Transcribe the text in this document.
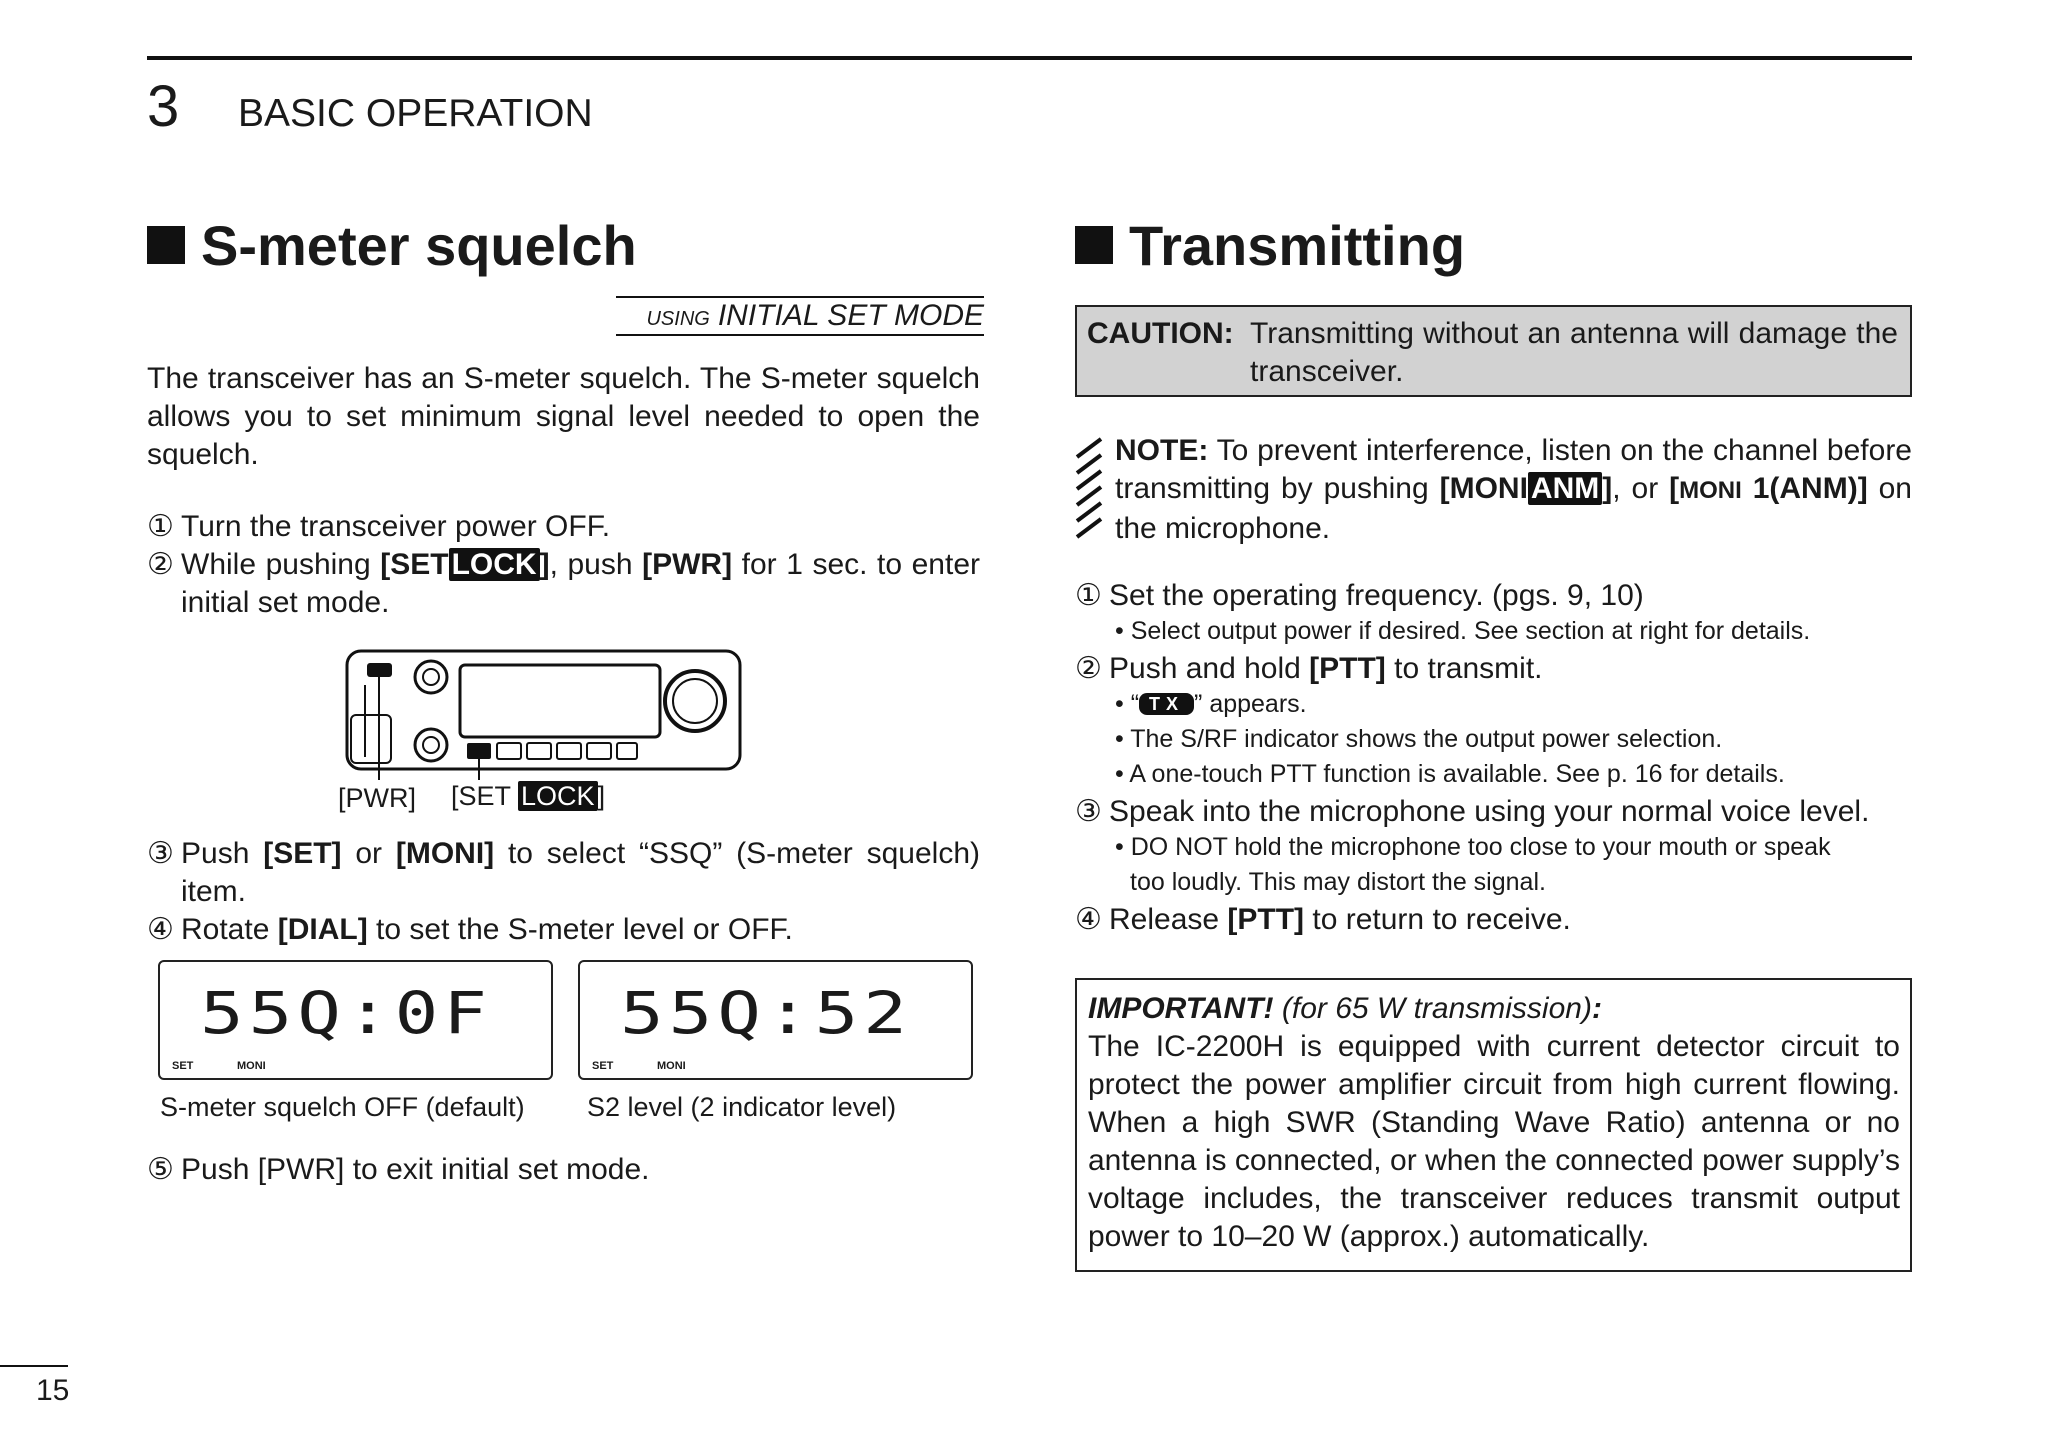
3 BASIC OPERATION
S-meter squelch
USING INITIAL SET MODE
The transceiver has an S-meter squelch. The S-meter squelch allows you to set minimum signal level needed to open the squelch.
① Turn the transceiver power OFF.
② While pushing [SET LOCK ], push [PWR] for 1 sec. to enter initial set mode.
[PWR] [SET LOCK ]
③ Push [SET] or [MONI] to select “SSQ” (S-meter squelch) item.
④ Rotate [DIAL] to set the S-meter level or OFF.
55Q:0F
SET	MONI
55Q:52
SET	MONI
S-meter squelch OFF (default) S2 level (2 indicator level)
⑤ Push [PWR] to exit initial set mode.
Transmitting
CAUTION: Transmitting without an antenna will damage the transceiver.
NOTE: To prevent interference, listen on the channel before transmitting by pushing [MONI ANM ], or [MONI 1(ANM)] on the microphone.
① Set the operating frequency. (pgs. 9, 10)
• Select output power if desired. See section at right for details.
② Push and hold [PTT] to transmit.
• “ TX ” appears.
• The S/RF indicator shows the output power selection.
• A one-touch PTT function is available. See p. 16 for details.
③ Speak into the microphone using your normal voice level.
• DO NOT hold the microphone too close to your mouth or speak
too loudly. This may distort the signal.
④ Release [PTT] to return to receive.
IMPORTANT! (for 65 W transmission):
The IC-2200H is equipped with current detector circuit to protect the power amplifier circuit from high current flowing. When a high SWR (Standing Wave Ratio) antenna or no antenna is connected, or when the connected power supply’s voltage includes, the transceiver reduces transmit output power to 10–20 W (approx.) automatically.
15
